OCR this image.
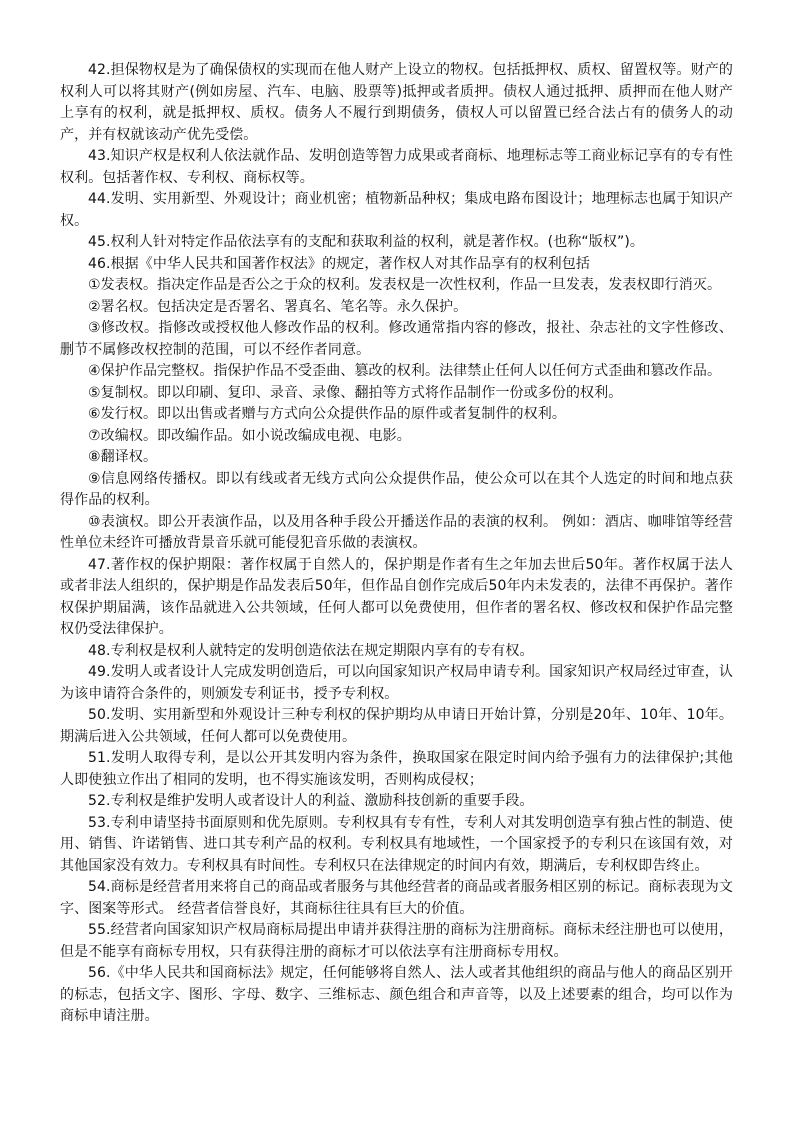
42.担保物权是为了确保债权的实现而在他人财产上设立的物权。包括抵押权、质权、留置权等。财产的权利人可以将其财产(例如房屋、汽车、电脑、股票等)抵押或者质押。债权人通过抵押、质押而在他人财产上享有的权利，就是抵押权、质权。债务人不履行到期债务，债权人可以留置已经合法占有的债务人的动产，并有权就该动产优先受偿。

43.知识产权是权利人依法就作品、发明创造等智力成果或者商标、地理标志等工商业标记享有的专有性权利。包括著作权、专利权、商标权等。

44.发明、实用新型、外观设计；商业机密；植物新品种权；集成电路布图设计；地理标志也属于知识产权。

45.权利人针对特定作品依法享有的支配和获取利益的权利，就是著作权。(也称“版权”)。

46.根据《中华人民共和国著作权法》的规定，著作权人对其作品享有的权利包括

①发表权。指决定作品是否公之于众的权利。发表权是一次性权利，作品一旦发表，发表权即行消灭。

②署名权。包括决定是否署名、署真名、笔名等。永久保护。

③修改权。指修改或授权他人修改作品的权利。修改通常指内容的修改，报社、杂志社的文字性修改、删节不属修改权控制的范围，可以不经作者同意。

④保护作品完整权。指保护作品不受歪曲、篡改的权利。法律禁止任何人以任何方式歪曲和篡改作品。

⑤复制权。即以印刷、复印、录音、录像、翻拍等方式将作品制作一份或多份的权利。

⑥发行权。即以出售或者赠与方式向公众提供作品的原件或者复制件的权利。

⑦改编权。即改编作品。如小说改编成电视、电影。

⑧翻译权。

⑨信息网络传播权。即以有线或者无线方式向公众提供作品，使公众可以在其个人选定的时间和地点获得作品的权利。

⑩表演权。即公开表演作品，以及用各种手段公开播送作品的表演的权利。 例如：酒店、咖啡馆等经营性单位未经许可播放背景音乐就可能侵犯音乐做的表演权。

47.著作权的保护期限：著作权属于自然人的，保护期是作者有生之年加去世后50年。著作权属于法人或者非法人组织的，保护期是作品发表后50年，但作品自创作完成后50年内未发表的，法律不再保护。著作权保护期届满，该作品就进入公共领域，任何人都可以免费使用，但作者的署名权、修改权和保护作品完整权仍受法律保护。

48.专利权是权利人就特定的发明创造依法在规定期限内享有的专有权。

49.发明人或者设计人完成发明创造后，可以向国家知识产权局申请专利。国家知识产权局经过审查，认为该申请符合条件的，则颁发专利证书，授予专利权。

50.发明、实用新型和外观设计三种专利权的保护期均从申请日开始计算，分别是20年、10年、10年。期满后进入公共领域，任何人都可以免费使用。

51.发明人取得专利，是以公开其发明内容为条件，换取国家在限定时间内给予强有力的法律保护;其他人即使独立作出了相同的发明，也不得实施该发明，否则构成侵权；

52.专利权是维护发明人或者设计人的利益、激励科技创新的重要手段。

53.专利申请坚持书面原则和优先原则。专利权具有专有性，专利人对其发明创造享有独占性的制造、使用、销售、许诺销售、进口其专利产品的权利。专利权具有地域性，一个国家授予的专利只在该国有效，对其他国家没有效力。专利权具有时间性。专利权只在法律规定的时间内有效，期满后，专利权即告终止。

54.商标是经营者用来将自己的商品或者服务与其他经营者的商品或者服务相区别的标记。商标表现为文字、图案等形式。 经营者信誉良好，其商标往往具有巨大的价值。

55.经营者向国家知识产权局商标局提出申请并获得注册的商标为注册商标。商标未经注册也可以使用，但是不能享有商标专用权，只有获得注册的商标才可以依法享有注册商标专用权。

56.《中华人民共和国商标法》规定，任何能够将自然人、法人或者其他组织的商品与他人的商品区别开的标志，包括文字、图形、字母、数字、三维标志、颜色组合和声音等，以及上述要素的组合，均可以作为商标申请注册。
